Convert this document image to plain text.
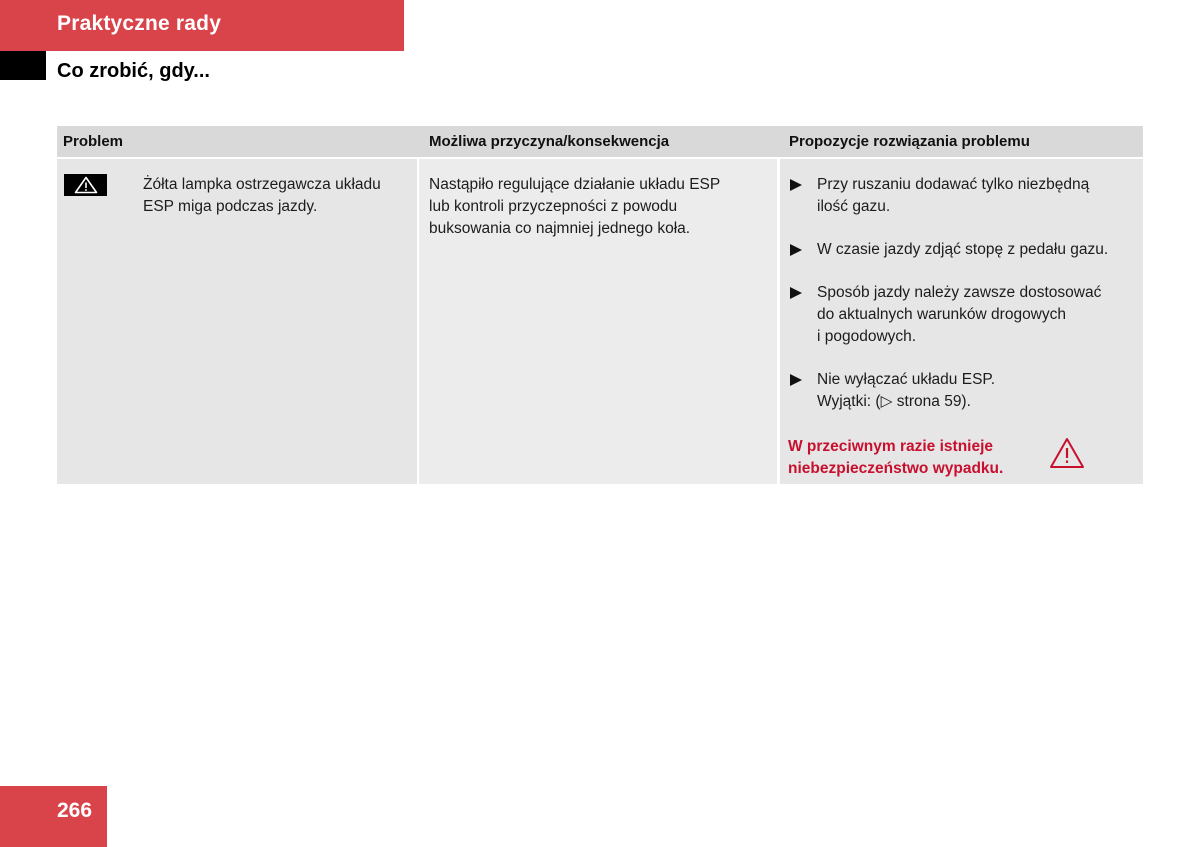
Praktyczne rady
Co zrobić, gdy...
Problem	Możliwa przyczyna/konsekwencja	Propozycje rozwiązania problemu
Żółta lampka ostrzegawcza układu
ESP miga podczas jazdy.
Nastąpiło regulujące działanie układu ESP
lub kontroli przyczepności z powodu
buksowania co najmniej jednego koła.
Przy ruszaniu dodawać tylko niezbędną
ilość gazu.
W czasie jazdy zdjąć stopę z pedału gazu.
Sposób jazdy należy zawsze dostosować
do aktualnych warunków drogowych
i pogodowych.
Nie wyłączać układu ESP.
Wyjątki: (▷ strona 59).
W przeciwnym razie istnieje
niebezpieczeństwo wypadku.
266
